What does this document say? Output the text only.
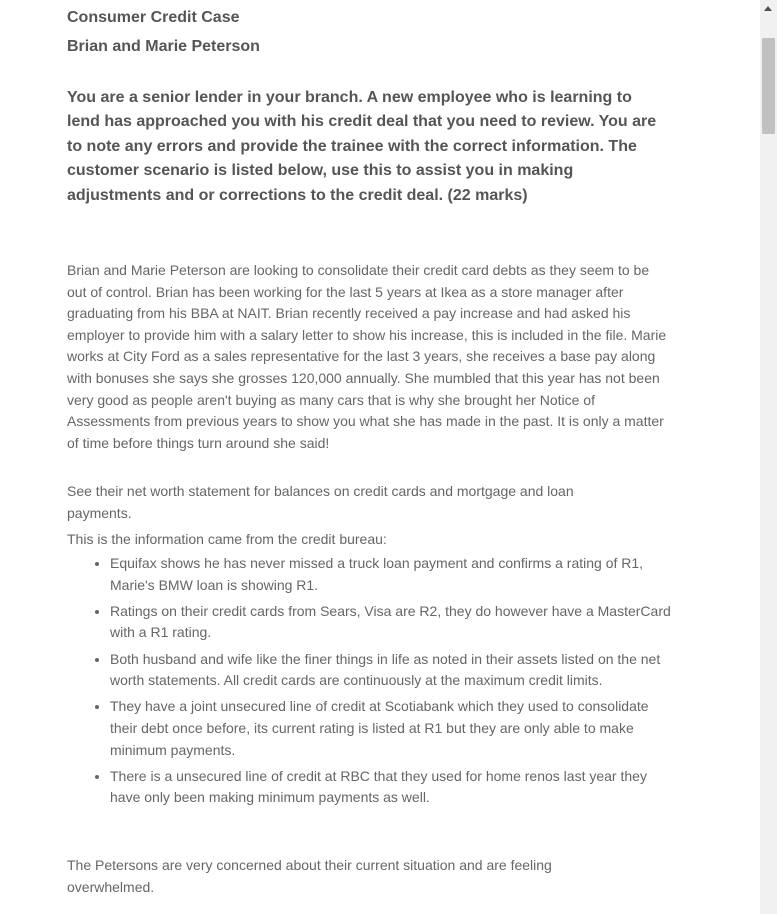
Consumer Credit Case

Brian and Marie Peterson

You are a senior lender in your branch. A new employee who is learning to lend has approached you with his credit deal that you need to review. You are to note any errors and provide the trainee with the correct information. The customer scenario is listed below, use this to assist you in making adjustments and or corrections to the credit deal. (22 marks)
Brian and Marie Peterson are looking to consolidate their credit card debts as they seem to be out of control. Brian has been working for the last 5 years at Ikea as a store manager after graduating from his BBA at NAIT. Brian recently received a pay increase and had asked his employer to provide him with a salary letter to show his increase, this is included in the file. Marie works at City Ford as a sales representative for the last 3 years, she receives a base pay along with bonuses she says she grosses 120,000 annually. She mumbled that this year has not been very good as people aren't buying as many cars that is why she brought her Notice of Assessments from previous years to show you what she has made in the past. It is only a matter of time before things turn around she said!
See their net worth statement for balances on credit cards and mortgage and loan payments.
This is the information came from the credit bureau:
Equifax shows he has never missed a truck loan payment and confirms a rating of R1, Marie's BMW loan is showing R1.
Ratings on their credit cards from Sears, Visa are R2, they do however have a MasterCard with a R1 rating.
Both husband and wife like the finer things in life as noted in their assets listed on the net worth statements. All credit cards are continuously at the maximum credit limits.
They have a joint unsecured line of credit at Scotiabank which they used to consolidate their debt once before, its current rating is listed at R1 but they are only able to make minimum payments.
There is a unsecured line of credit at RBC that they used for home renos last year they have only been making minimum payments as well.
The Petersons are very concerned about their current situation and are feeling overwhelmed.
